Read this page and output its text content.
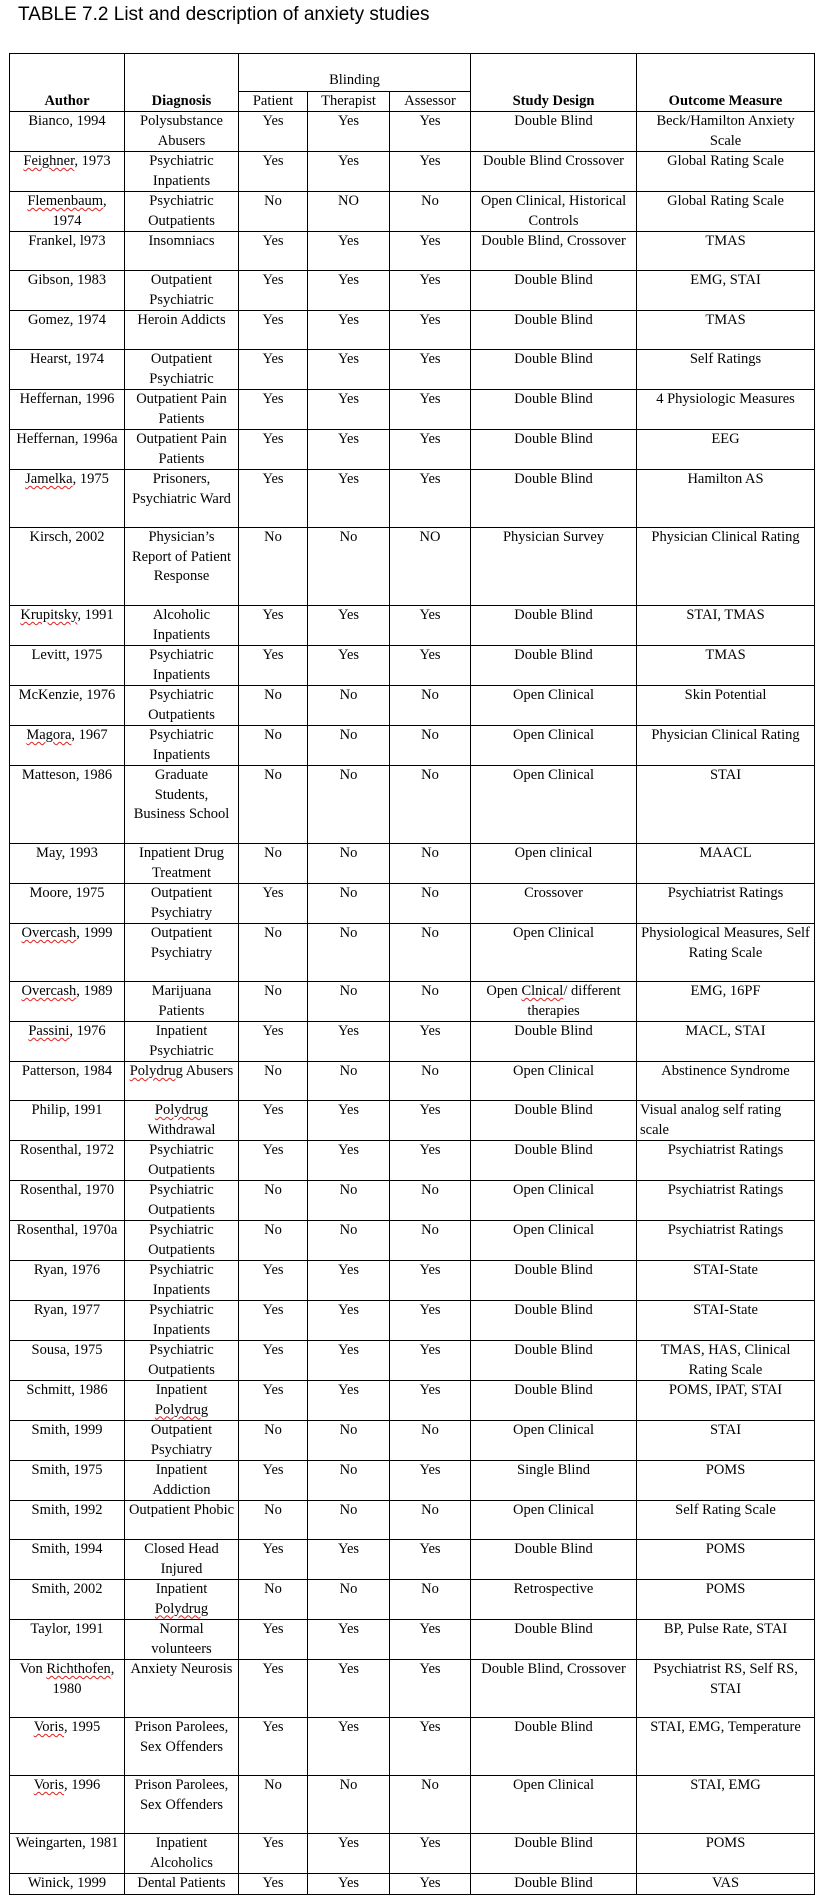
TABLE 7.2 List and description of anxiety studies
Author	Diagnosis	Blinding			Study Design	Outcome Measure
		Patient	Therapist	Assessor		
Bianco, 1994	Polysubstance Abusers	Yes	Yes	Yes	Double Blind	Beck/Hamilton Anxiety Scale
Feighner, 1973	Psychiatric Inpatients	Yes	Yes	Yes	Double Blind Crossover	Global Rating Scale
Flemenbaum, 1974	Psychiatric Outpatients	No	NO	No	Open Clinical, Historical Controls	Global Rating Scale
Frankel, l973	Insomniacs	Yes	Yes	Yes	Double Blind, Crossover	TMAS
Gibson, 1983	Outpatient Psychiatric	Yes	Yes	Yes	Double Blind	EMG, STAI
Gomez, 1974	Heroin Addicts	Yes	Yes	Yes	Double Blind	TMAS
Hearst, 1974	Outpatient Psychiatric	Yes	Yes	Yes	Double Blind	Self Ratings
Heffernan, 1996	Outpatient Pain Patients	Yes	Yes	Yes	Double Blind	4 Physiologic Measures
Heffernan, 1996a	Outpatient Pain Patients	Yes	Yes	Yes	Double Blind	EEG
Jamelka, 1975	Prisoners, Psychiatric Ward	Yes	Yes	Yes	Double Blind	Hamilton AS
Kirsch, 2002	Physician’s Report of Patient Response	No	No	NO	Physician Survey	Physician Clinical Rating
Krupitsky, 1991	Alcoholic Inpatients	Yes	Yes	Yes	Double Blind	STAI, TMAS
Levitt, 1975	Psychiatric Inpatients	Yes	Yes	Yes	Double Blind	TMAS
McKenzie, 1976	Psychiatric Outpatients	No	No	No	Open Clinical	Skin Potential
Magora, 1967	Psychiatric Inpatients	No	No	No	Open Clinical	Physician Clinical Rating
Matteson, 1986	Graduate Students, Business School	No	No	No	Open Clinical	STAI
May, 1993	Inpatient Drug Treatment	No	No	No	Open clinical	MAACL
Moore, 1975	Outpatient Psychiatry	Yes	No	No	Crossover	Psychiatrist Ratings
Overcash, 1999	Outpatient Psychiatry	No	No	No	Open Clinical	Physiological Measures, Self Rating Scale
Overcash, 1989	Marijuana Patients	No	No	No	Open Clnical/ different therapies	EMG, 16PF
Passini, 1976	Inpatient Psychiatric	Yes	Yes	Yes	Double Blind	MACL, STAI
Patterson, 1984	Polydrug Abusers	No	No	No	Open Clinical	Abstinence Syndrome
Philip, 1991	Polydrug Withdrawal	Yes	Yes	Yes	Double Blind	Visual analog self rating scale
Rosenthal, 1972	Psychiatric Outpatients	Yes	Yes	Yes	Double Blind	Psychiatrist Ratings
Rosenthal, 1970	Psychiatric Outpatients	No	No	No	Open Clinical	Psychiatrist Ratings
Rosenthal, 1970a	Psychiatric Outpatients	No	No	No	Open Clinical	Psychiatrist Ratings
Ryan, 1976	Psychiatric Inpatients	Yes	Yes	Yes	Double Blind	STAI-State
Ryan, 1977	Psychiatric Inpatients	Yes	Yes	Yes	Double Blind	STAI-State
Sousa, 1975	Psychiatric Outpatients	Yes	Yes	Yes	Double Blind	TMAS, HAS, Clinical Rating Scale
Schmitt, 1986	Inpatient Polydrug	Yes	Yes	Yes	Double Blind	POMS, IPAT, STAI
Smith, 1999	Outpatient Psychiatry	No	No	No	Open Clinical	STAI
Smith, 1975	Inpatient Addiction	Yes	No	Yes	Single Blind	POMS
Smith, 1992	Outpatient Phobic	No	No	No	Open Clinical	Self Rating Scale
Smith, 1994	Closed Head Injured	Yes	Yes	Yes	Double Blind	POMS
Smith, 2002	Inpatient Polydrug	No	No	No	Retrospective	POMS
Taylor, 1991	Normal volunteers	Yes	Yes	Yes	Double Blind	BP, Pulse Rate, STAI
Von Richthofen, 1980	Anxiety Neurosis	Yes	Yes	Yes	Double Blind, Crossover	Psychiatrist RS, Self RS, STAI
Voris, 1995	Prison Parolees, Sex Offenders	Yes	Yes	Yes	Double Blind	STAI, EMG, Temperature
Voris, 1996	Prison Parolees, Sex Offenders	No	No	No	Open Clinical	STAI, EMG
Weingarten, 1981	Inpatient Alcoholics	Yes	Yes	Yes	Double Blind	POMS
Winick, 1999	Dental Patients	Yes	Yes	Yes	Double Blind	VAS
